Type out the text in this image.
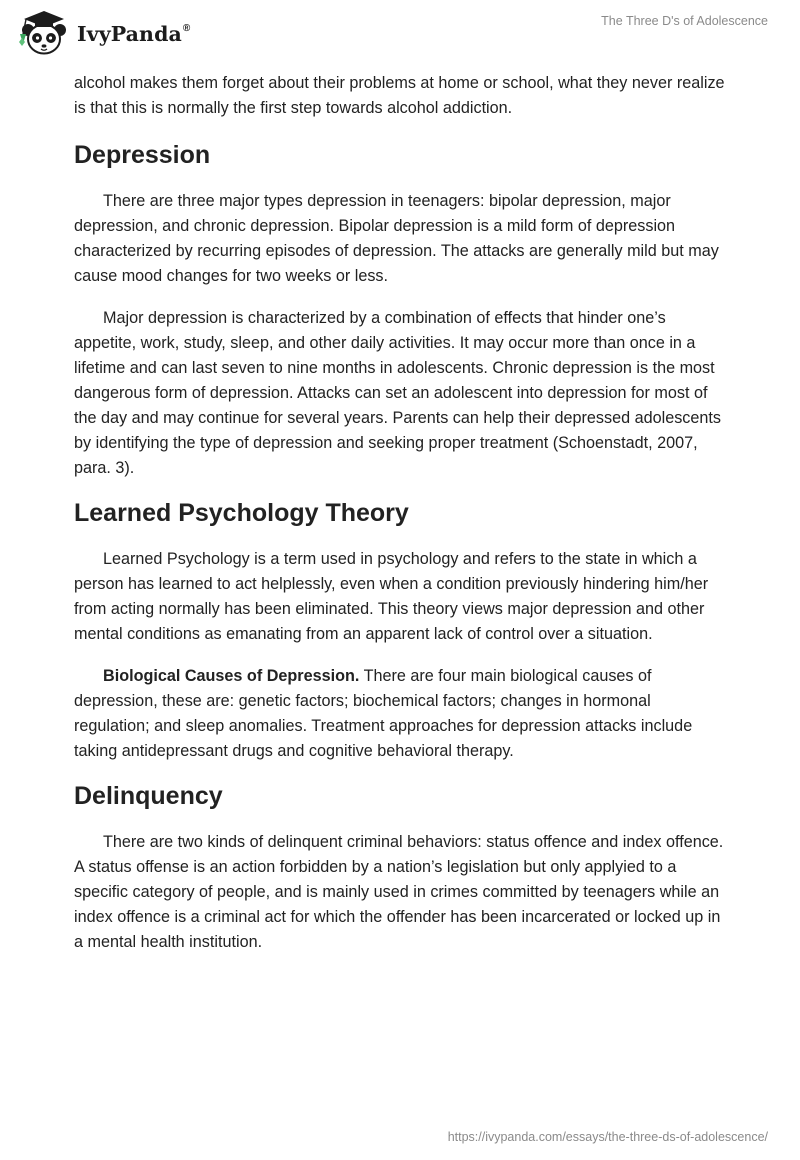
IvyPanda®
The Three D's of Adolescence

alcohol makes them forget about their problems at home or school, what they never realize is that this is normally the first step towards alcohol addiction.

Depression

There are three major types depression in teenagers: bipolar depression, major depression, and chronic depression. Bipolar depression is a mild form of depression characterized by recurring episodes of depression. The attacks are generally mild but may cause mood changes for two weeks or less.

Major depression is characterized by a combination of effects that hinder one’s appetite, work, study, sleep, and other daily activities. It may occur more than once in a lifetime and can last seven to nine months in adolescents. Chronic depression is the most dangerous form of depression. Attacks can set an adolescent into depression for most of the day and may continue for several years. Parents can help their depressed adolescents by identifying the type of depression and seeking proper treatment (Schoenstadt, 2007, para. 3).

Learned Psychology Theory

Learned Psychology is a term used in psychology and refers to the state in which a person has learned to act helplessly, even when a condition previously hindering him/her from acting normally has been eliminated. This theory views major depression and other mental conditions as emanating from an apparent lack of control over a situation.

Biological Causes of Depression. There are four main biological causes of depression, these are: genetic factors; biochemical factors; changes in hormonal regulation; and sleep anomalies. Treatment approaches for depression attacks include taking antidepressant drugs and cognitive behavioral therapy.

Delinquency

There are two kinds of delinquent criminal behaviors: status offence and index offence. A status offense is an action forbidden by a nation’s legislation but only applyied to a specific category of people, and is mainly used in crimes committed by teenagers while an index offence is a criminal act for which the offender has been incarcerated or locked up in a mental health institution.

https://ivypanda.com/essays/the-three-ds-of-adolescence/
